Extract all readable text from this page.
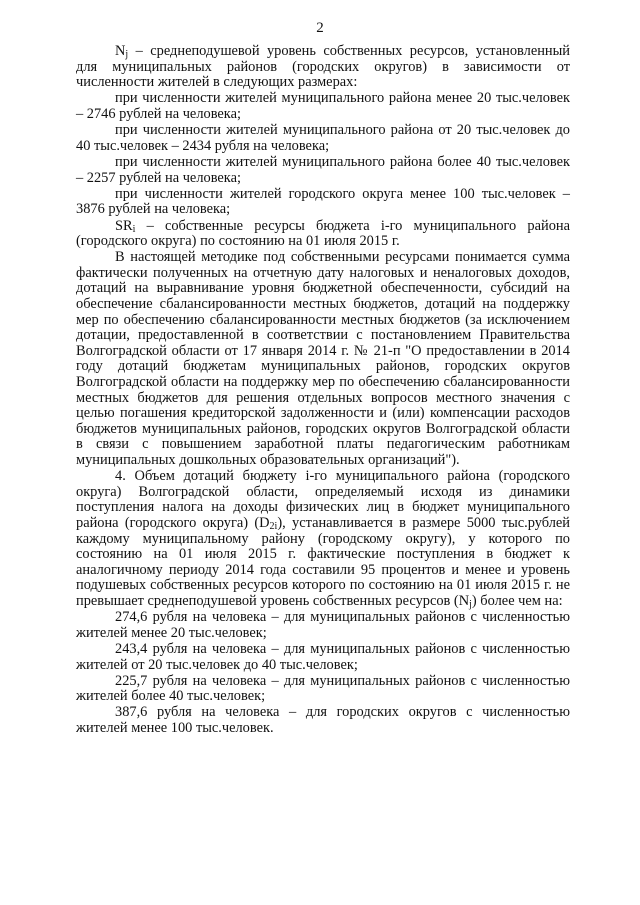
2

$N_j$ – среднеподушевой уровень собственных ресурсов, установленный для муниципальных районов (городских округов) в зависимости от численности жителей в следующих размерах:

при численности жителей муниципального района менее 20 тыс.человек – 2746 рублей на человека;

при численности жителей муниципального района от 20 тыс.человек до 40 тыс.человек – 2434 рубля на человека;

при численности жителей муниципального района более 40 тыс.человек – 2257 рублей на человека;

при численности жителей городского округа менее 100 тыс.человек – 3876 рублей на человека;

$SR_i$ – собственные ресурсы бюджета i-го муниципального района (городского округа) по состоянию на 01 июля 2015 г.

В настоящей методике под собственными ресурсами понимается сумма фактически полученных на отчетную дату налоговых и неналоговых доходов, дотаций на выравнивание уровня бюджетной обеспеченности, субсидий на обеспечение сбалансированности местных бюджетов, дотаций на поддержку мер по обеспечению сбалансированности местных бюджетов (за исключением дотации, предоставленной в соответствии с постановлением Правительства Волгоградской области от 17 января 2014 г. № 21-п "О предоставлении в 2014 году дотаций бюджетам муниципальных районов, городских округов Волгоградской области на поддержку мер по обеспечению сбалансированности местных бюджетов для решения отдельных вопросов местного значения с целью погашения кредиторской задолженности и (или) компенсации расходов бюджетов муниципальных районов, городских округов Волгоградской области в связи с повышением заработной платы педагогическим работникам муниципальных дошкольных образовательных организаций").

4. Объем дотаций бюджету i-го муниципального района (городского округа) Волгоградской области, определяемый исходя из динамики поступления налога на доходы физических лиц в бюджет муниципального района (городского округа) $(D_{2i})$, устанавливается в размере 5000 тыс.рублей каждому муниципальному району (городскому округу), у которого по состоянию на 01 июля 2015 г. фактические поступления в бюджет к аналогичному периоду 2014 года составили 95 процентов и менее и уровень подушевых собственных ресурсов которого по состоянию на 01 июля 2015 г. не превышает среднеподушевой уровень собственных ресурсов $(N_j)$ более чем на:

274,6 рубля на человека – для муниципальных районов с численностью жителей менее 20 тыс.человек;

243,4 рубля на человека – для муниципальных районов с численностью жителей от 20 тыс.человек до 40 тыс.человек;

225,7 рубля на человека – для муниципальных районов с численностью жителей более 40 тыс.человек;

387,6 рубля на человека – для городских округов с численностью жителей менее 100 тыс.человек.
